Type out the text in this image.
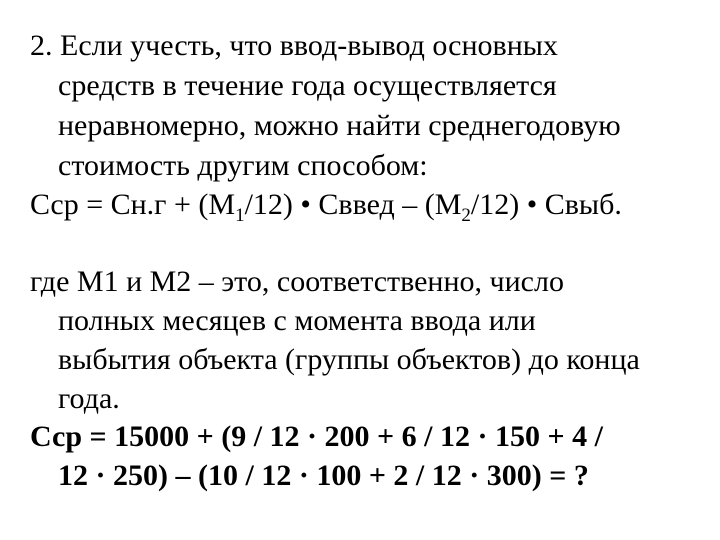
2. Если учесть, что ввод-вывод основных
средств в течение года осуществляется
неравномерно, можно найти среднегодовую
стоимость другим способом:
Сср = $Сн.г + (М_1/12)$ • Сввед – $(М_2/12)$ • Свыб.
где М1 и М2 – это, соответственно, число
полных месяцев с момента ввода или
выбытия объекта (группы объектов) до конца
года.
Сср = 15000 + (9 / 12 · 200 + 6 / 12 · 150 + 4 /
12 · 250) – (10 / 12 · 100 + 2 / 12 · 300) = ?
